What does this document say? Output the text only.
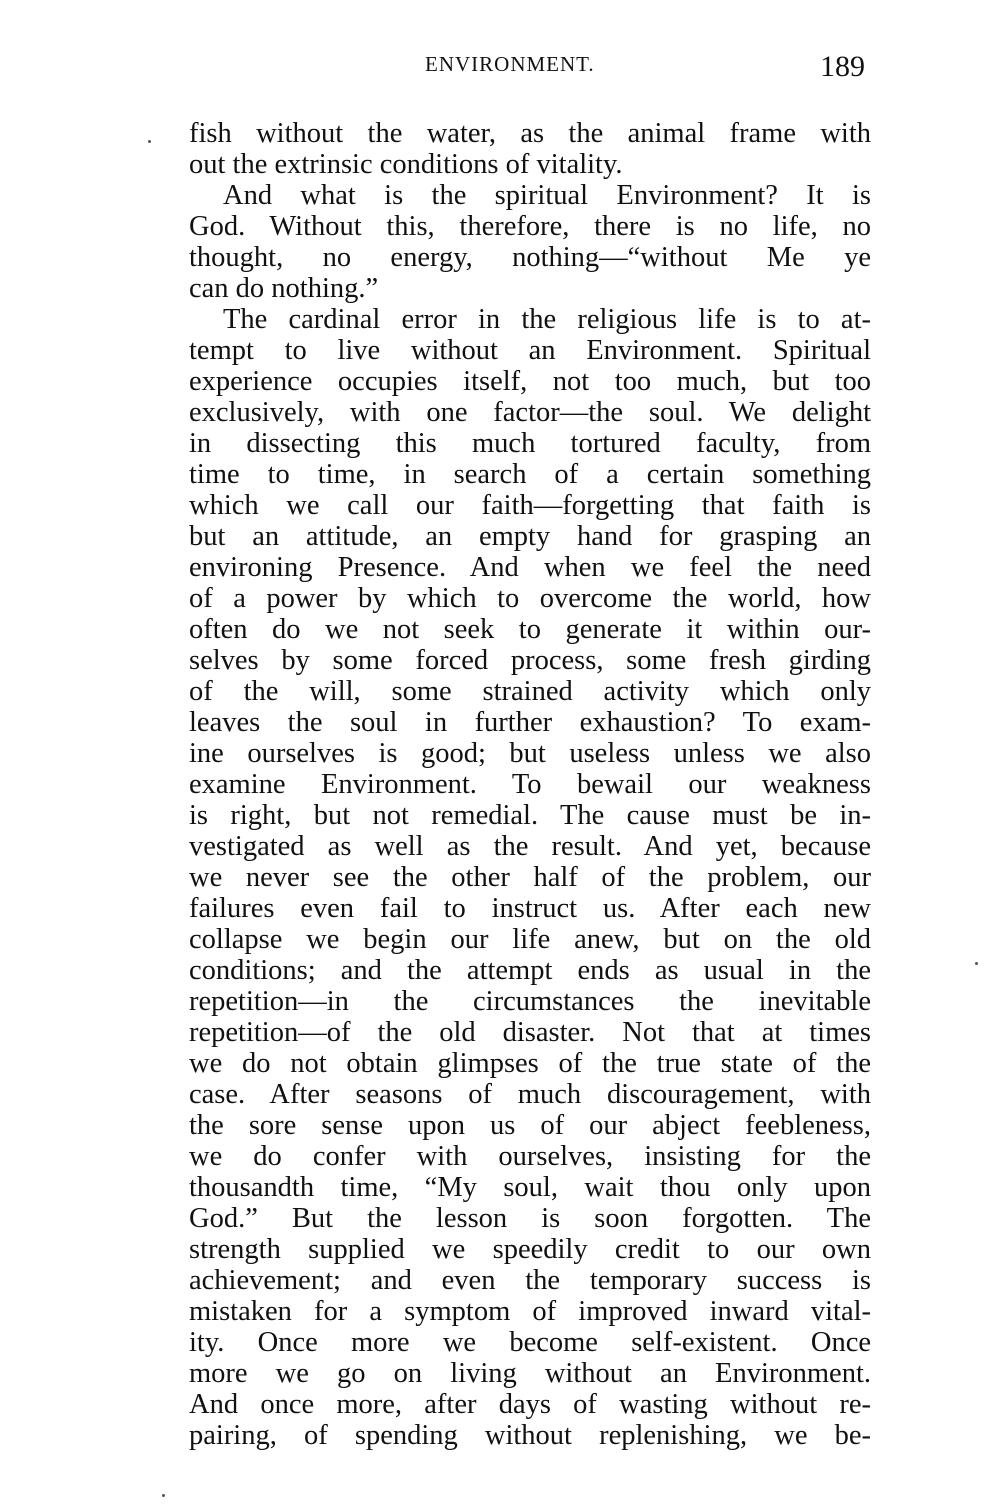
ENVIRONMENT.	189
fish without the water, as the animal frame with
out the extrinsic conditions of vitality.
And what is the spiritual Environment? It is
God. Without this, therefore, there is no life, no
thought, no energy, nothing—“without Me ye
can do nothing.”
The cardinal error in the religious life is to at-
tempt to live without an Environment. Spiritual
experience occupies itself, not too much, but too
exclusively, with one factor—the soul. We delight
in dissecting this much tortured faculty, from
time to time, in search of a certain something
which we call our faith—forgetting that faith is
but an attitude, an empty hand for grasping an
environing Presence. And when we feel the need
of a power by which to overcome the world, how
often do we not seek to generate it within our-
selves by some forced process, some fresh girding
of the will, some strained activity which only
leaves the soul in further exhaustion? To exam-
ine ourselves is good; but useless unless we also
examine Environment. To bewail our weakness
is right, but not remedial. The cause must be in-
vestigated as well as the result. And yet, because
we never see the other half of the problem, our
failures even fail to instruct us. After each new
collapse we begin our life anew, but on the old
conditions; and the attempt ends as usual in the
repetition—in the circumstances the inevitable
repetition—of the old disaster. Not that at times
we do not obtain glimpses of the true state of the
case. After seasons of much discouragement, with
the sore sense upon us of our abject feebleness,
we do confer with ourselves, insisting for the
thousandth time, “My soul, wait thou only upon
God.” But the lesson is soon forgotten. The
strength supplied we speedily credit to our own
achievement; and even the temporary success is
mistaken for a symptom of improved inward vital-
ity. Once more we become self-existent. Once
more we go on living without an Environment.
And once more, after days of wasting without re-
pairing, of spending without replenishing, we be-
